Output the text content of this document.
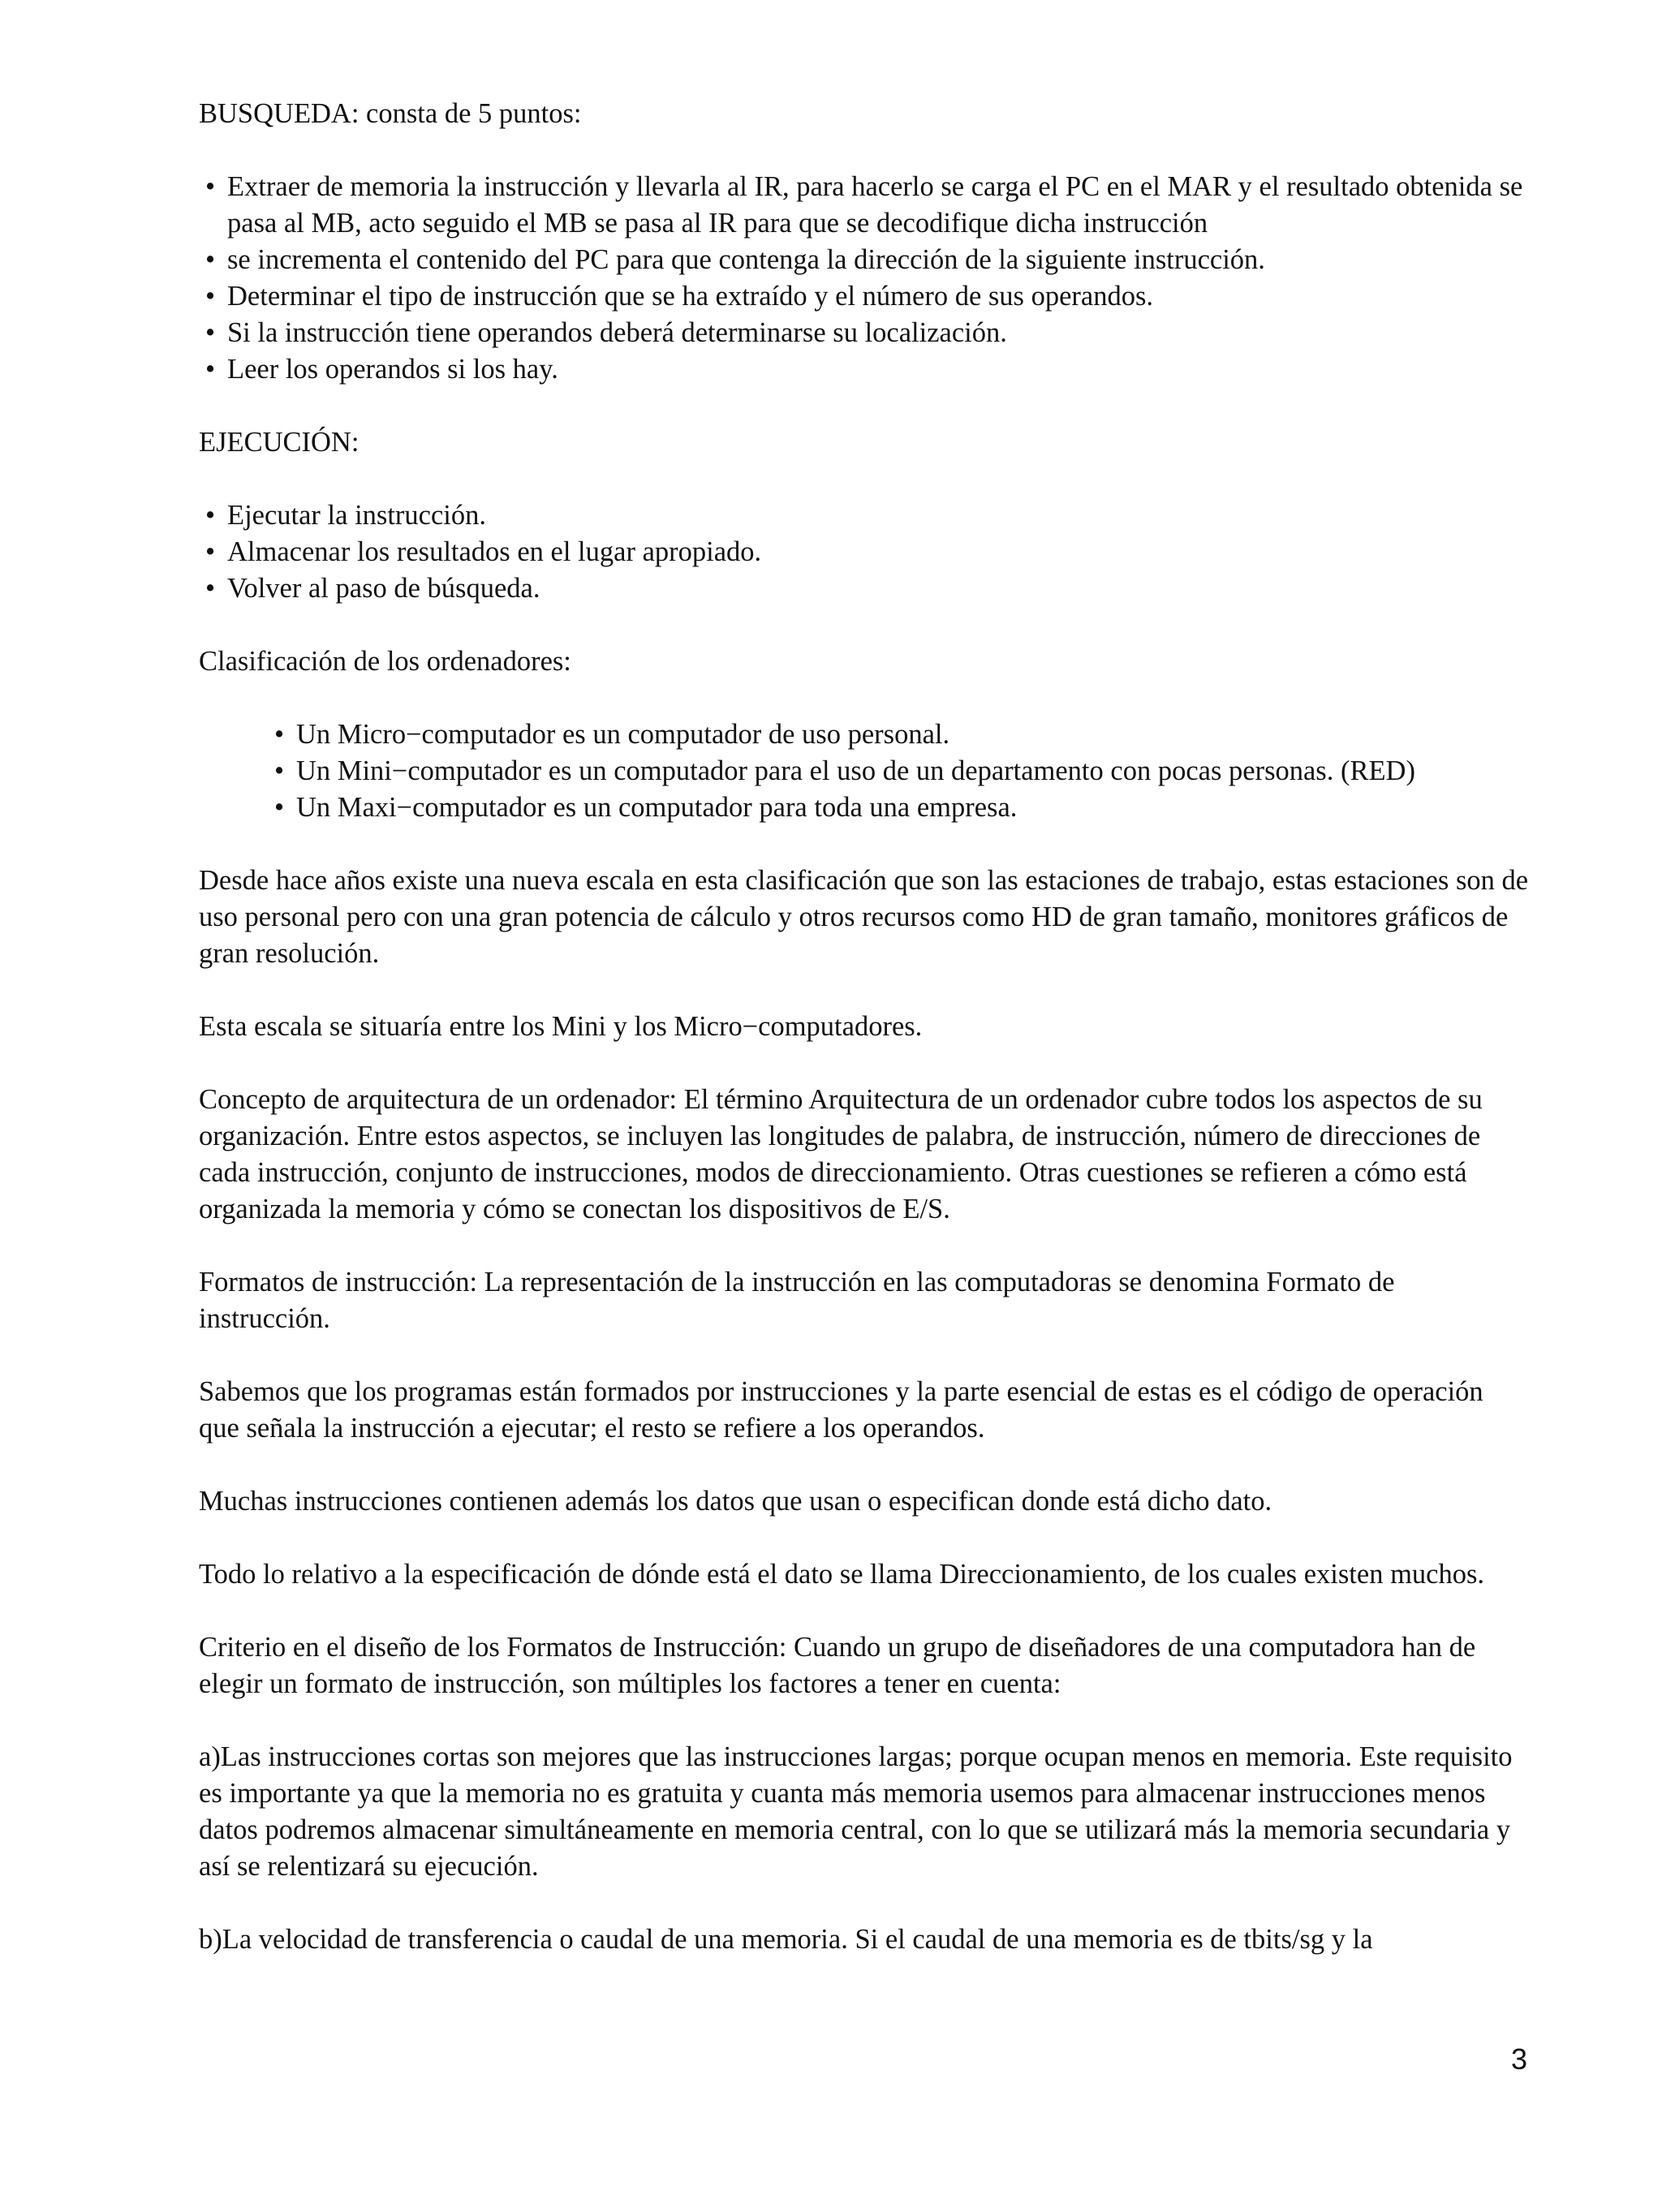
BUSQUEDA: consta de 5 puntos:

• Extraer de memoria la instrucción y llevarla al IR, para hacerlo se carga el PC en el MAR y el resultado obtenida se pasa al MB, acto seguido el MB se pasa al IR para que se decodifique dicha instrucción
• se incrementa el contenido del PC para que contenga la dirección de la siguiente instrucción.
• Determinar el tipo de instrucción que se ha extraído y el número de sus operandos.
• Si la instrucción tiene operandos deberá determinarse su localización.
• Leer los operandos si los hay.

EJECUCIÓN:

• Ejecutar la instrucción.
• Almacenar los resultados en el lugar apropiado.
• Volver al paso de búsqueda.

Clasificación de los ordenadores:

• Un Micro−computador es un computador de uso personal.
• Un Mini−computador es un computador para el uso de un departamento con pocas personas. (RED)
• Un Maxi−computador es un computador para toda una empresa.

Desde hace años existe una nueva escala en esta clasificación que son las estaciones de trabajo, estas estaciones son de uso personal pero con una gran potencia de cálculo y otros recursos como HD de gran tamaño, monitores gráficos de gran resolución.

Esta escala se situaría entre los Mini y los Micro−computadores.

Concepto de arquitectura de un ordenador: El término Arquitectura de un ordenador cubre todos los aspectos de su organización. Entre estos aspectos, se incluyen las longitudes de palabra, de instrucción, número de direcciones de cada instrucción, conjunto de instrucciones, modos de direccionamiento. Otras cuestiones se refieren a cómo está organizada la memoria y cómo se conectan los dispositivos de E/S.

Formatos de instrucción: La representación de la instrucción en las computadoras se denomina Formato de instrucción.

Sabemos que los programas están formados por instrucciones y la parte esencial de estas es el código de operación que señala la instrucción a ejecutar; el resto se refiere a los operandos.

Muchas instrucciones contienen además los datos que usan o especifican donde está dicho dato.

Todo lo relativo a la especificación de dónde está el dato se llama Direccionamiento, de los cuales existen muchos.

Criterio en el diseño de los Formatos de Instrucción: Cuando un grupo de diseñadores de una computadora han de elegir un formato de instrucción, son múltiples los factores a tener en cuenta:

a)Las instrucciones cortas son mejores que las instrucciones largas; porque ocupan menos en memoria. Este requisito es importante ya que la memoria no es gratuita y cuanta más memoria usemos para almacenar instrucciones menos datos podremos almacenar simultáneamente en memoria central, con lo que se utilizará más la memoria secundaria y así se relentizará su ejecución.

b)La velocidad de transferencia o caudal de una memoria. Si el caudal de una memoria es de tbits/sg y la

3
